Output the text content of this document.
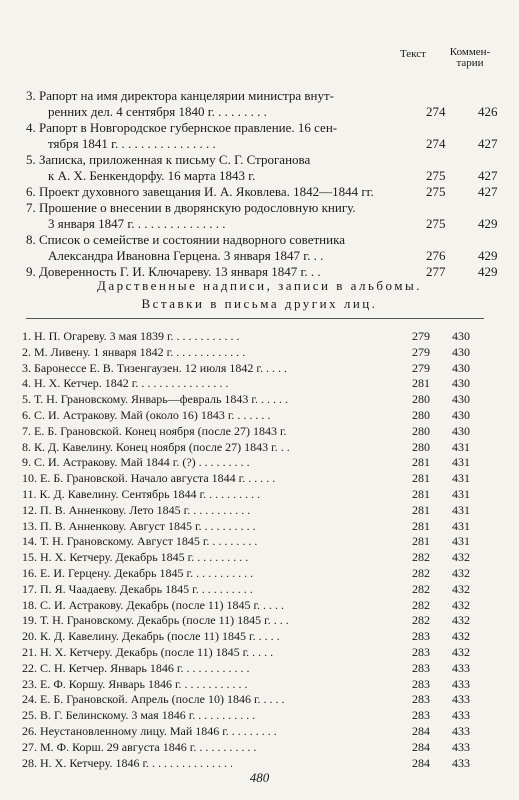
Текст	Коммен-
тарии
3. Рапорт на имя директора канцелярии министра внут-
ренних дел. 4 сентября 1840 г. . . . . . . . .	274	426
4. Рапорт в Новгородское губернское правление. 16 сен-
тября 1841 г. . . . . . . . . . . . . . . .	274	427
5. Записка, приложенная к письму С. Г. Строганова
к А. Х. Бенкендорфу. 16 марта 1843 г.	275	427
6. Проект духовного завещания И. А. Яковлева. 1842—1844 гг.	275	427
7. Прошение о внесении в дворянскую родословную книгу.
3 января 1847 г. . . . . . . . . . . . . . .	275	429
8. Список о семействе и состоянии надворного советника
Александра Ивановна Герцена. 3 января 1847 г. . .	276	429
9. Доверенность Г. И. Ключареву. 13 января 1847 г. . .	277	429
Дарственные надписи, записи в альбомы.
Вставки в письма других лиц.
1. Н. П. Огареву. 3 мая 1839 г. . . . . . . . . . . .	279 430
2. М. Ливену. 1 января 1842 г. . . . . . . . . . . . .	279 430
3. Баронессе Е. В. Тизенгаузен. 12 июля 1842 г. . . . .	279 430
4. Н. Х. Кетчер. 1842 г. . . . . . . . . . . . . . . .	281 430
5. Т. Н. Грановскому. Январь—февраль 1843 г. . . . . .	280 430
6. С. И. Астракову. Май (около 16) 1843 г. . . . . . .	280 430
7. Е. Б. Грановской. Конец ноября (после 27) 1843 г.	280 430
8. К. Д. Кавелину. Конец ноября (после 27) 1843 г. . .	280 431
9. С. И. Астракову. Май 1844 г. (?) . . . . . . . . .	281 431
10. Е. Б. Грановской. Начало августа 1844 г. . . . . .	281 431
11. К. Д. Кавелину. Сентябрь 1844 г. . . . . . . . . .	281 431
12. П. В. Анненкову. Лето 1845 г. . . . . . . . . . .	281 431
13. П. В. Анненкову. Август 1845 г. . . . . . . . . .	281 431
14. Т. Н. Грановскому. Август 1845 г. . . . . . . . .	281 431
15. Н. Х. Кетчеру. Декабрь 1845 г. . . . . . . . . .	282 432
16. Е. И. Герцену. Декабрь 1845 г. . . . . . . . . . .	282 432
17. П. Я. Чаадаеву. Декабрь 1845 г. . . . . . . . . .	282 432
18. С. И. Астракову. Декабрь (после 11) 1845 г. . . . .	282 432
19. Т. Н. Грановскому. Декабрь (после 11) 1845 г. . . .	282 432
20. К. Д. Кавелину. Декабрь (после 11) 1845 г. . . . .	283 432
21. Н. Х. Кетчеру. Декабрь (после 11) 1845 г. . . . .	283 432
22. С. Н. Кетчер. Январь 1846 г. . . . . . . . . . . .	283 433
23. Е. Ф. Коршу. Январь 1846 г. . . . . . . . . . . .	283 433
24. Е. Б. Грановской. Апрель (после 10) 1846 г. . . . .	283 433
25. В. Г. Белинскому. 3 мая 1846 г. . . . . . . . . . .	283 433
26. Неустановленному лицу. Май 1846 г. . . . . . . . .	284 433
27. М. Ф. Корш. 29 августа 1846 г. . . . . . . . . . .	284 433
28. Н. Х. Кетчеру. 1846 г. . . . . . . . . . . . . . .	284 433
480
